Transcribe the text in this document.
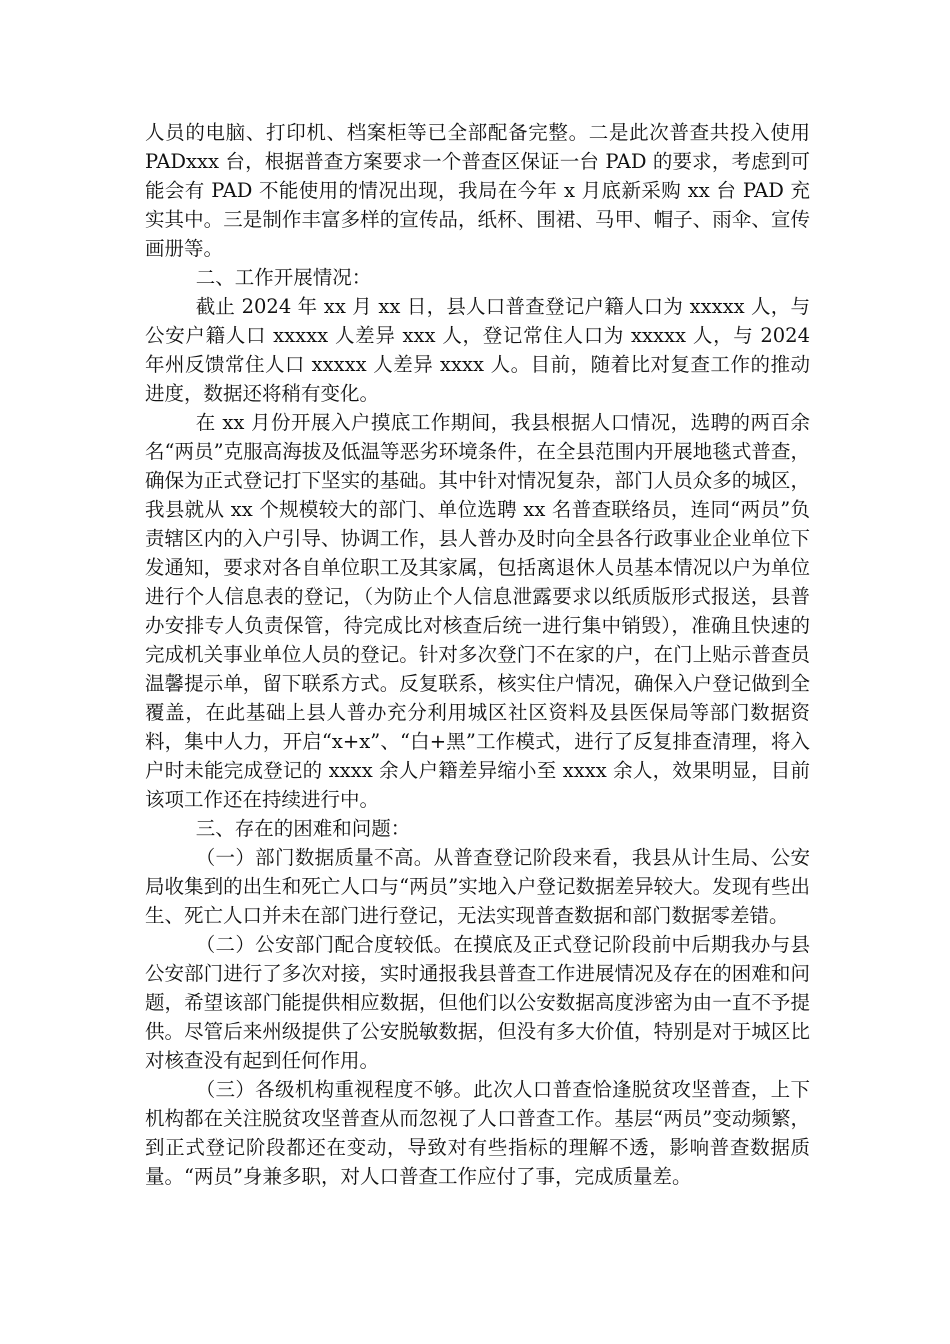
人员的电脑、打印机、档案柜等已全部配备完整。二是此次普查共投入使用 PADxxx 台，根据普查方案要求一个普查区保证一台 PAD 的要求，考虑到可能会有 PAD 不能使用的情况出现，我局在今年 x 月底新采购 xx 台 PAD 充实其中。三是制作丰富多样的宣传品，纸杯、围裙、马甲、帽子、雨伞、宣传画册等。

二、工作开展情况：

截止 2024 年 xx 月 xx 日，县人口普查登记户籍人口为 xxxxx 人，与公安户籍人口 xxxxx 人差异 xxx 人，登记常住人口为 xxxxx 人，与 2024 年州反馈常住人口 xxxxx 人差异 xxxx 人。目前，随着比对复查工作的推动进度，数据还将稍有变化。

在 xx 月份开展入户摸底工作期间，我县根据人口情况，选聘的两百余名“两员”克服高海拔及低温等恶劣环境条件，在全县范围内开展地毯式普查，确保为正式登记打下坚实的基础。其中针对情况复杂，部门人员众多的城区，我县就从 xx 个规模较大的部门、单位选聘 xx 名普查联络员，连同“两员”负责辖区内的入户引导、协调工作，县人普办及时向全县各行政事业企业单位下发通知，要求对各自单位职工及其家属，包括离退休人员基本情况以户为单位进行个人信息表的登记，（为防止个人信息泄露要求以纸质版形式报送，县普办安排专人负责保管，待完成比对核查后统一进行集中销毁），准确且快速的完成机关事业单位人员的登记。针对多次登门不在家的户，在门上贴示普查员温馨提示单，留下联系方式。反复联系，核实住户情况，确保入户登记做到全覆盖，在此基础上县人普办充分利用城区社区资料及县医保局等部门数据资料，集中人力，开启“x+x”、“白+黑”工作模式，进行了反复排查清理，将入户时未能完成登记的 xxxx 余人户籍差异缩小至 xxxx 余人，效果明显，目前该项工作还在持续进行中。

三、存在的困难和问题：

（一）部门数据质量不高。从普查登记阶段来看，我县从计生局、公安局收集到的出生和死亡人口与“两员”实地入户登记数据差异较大。发现有些出生、死亡人口并未在部门进行登记，无法实现普查数据和部门数据零差错。

（二）公安部门配合度较低。在摸底及正式登记阶段前中后期我办与县公安部门进行了多次对接，实时通报我县普查工作进展情况及存在的困难和问题，希望该部门能提供相应数据，但他们以公安数据高度涉密为由一直不予提供。尽管后来州级提供了公安脱敏数据，但没有多大价值，特别是对于城区比对核查没有起到任何作用。

（三）各级机构重视程度不够。此次人口普查恰逢脱贫攻坚普查，上下机构都在关注脱贫攻坚普查从而忽视了人口普查工作。基层“两员”变动频繁，到正式登记阶段都还在变动，导致对有些指标的理解不透，影响普查数据质量。“两员”身兼多职，对人口普查工作应付了事，完成质量差。
